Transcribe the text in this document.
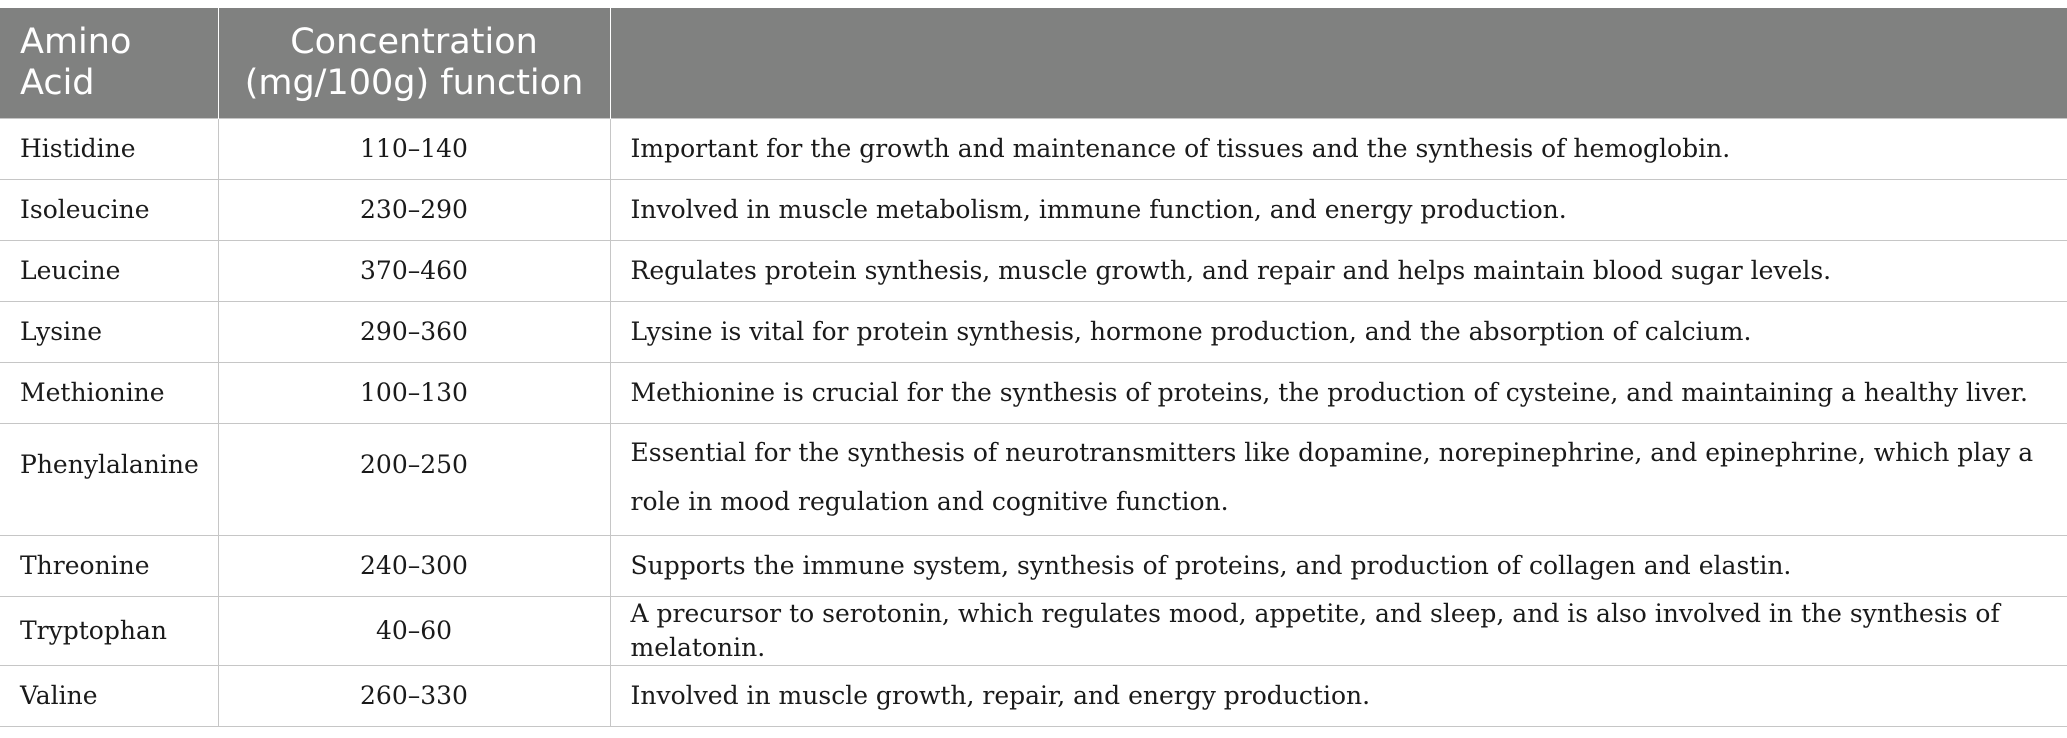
Amino Acid	Concentration (mg/100g) function	
Histidine	110–140	Important for the growth and maintenance of tissues and the synthesis of hemoglobin.
Isoleucine	230–290	Involved in muscle metabolism, immune function, and energy production.
Leucine	370–460	Regulates protein synthesis, muscle growth, and repair and helps maintain blood sugar levels.
Lysine	290–360	Lysine is vital for protein synthesis, hormone production, and the absorption of calcium.
Methionine	100–130	Methionine is crucial for the synthesis of proteins, the production of cysteine, and maintaining a healthy liver.
Phenylalanine	200–250	Essential for the synthesis of neurotransmitters like dopamine, norepinephrine, and epinephrine, which play a role in mood regulation and cognitive function.
Threonine	240–300	Supports the immune system, synthesis of proteins, and production of collagen and elastin.
Tryptophan	40–60	A precursor to serotonin, which regulates mood, appetite, and sleep, and is also involved in the synthesis of melatonin.
Valine	260–330	Involved in muscle growth, repair, and energy production.
